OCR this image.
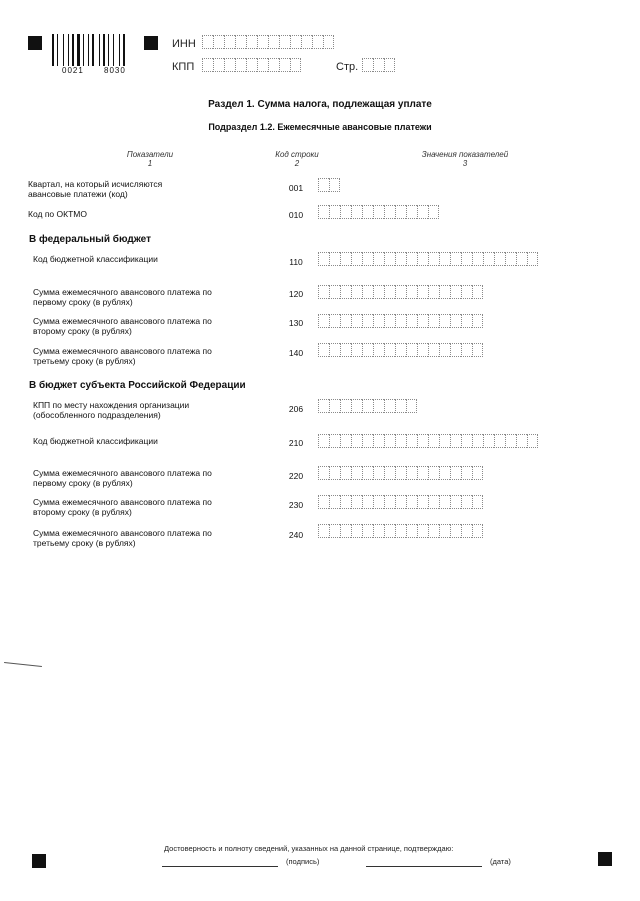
0021	8030
ИНН
КПП	Стр.
Раздел 1. Сумма налога, подлежащая уплате
Подраздел 1.2. Ежемесячные авансовые платежи
Показатели
1
Код строки
2
Значения показателей
3
Квартал, на который исчисляются авансовые платежи (код)
001
Код по ОКТМО	010
В федеральный бюджет
Код бюджетной классификации	110
Сумма ежемесячного авансового платежа по первому сроку (в рублях)
120
Сумма ежемесячного авансового платежа по второму сроку (в рублях)
130
Сумма ежемесячного авансового платежа по третьему сроку (в рублях)
140
В бюджет субъекта Российской Федерации
КПП по месту нахождения организации (обособленного подразделения)
206
Код бюджетной классификации	210
Сумма ежемесячного авансового платежа по первому сроку (в рублях)
220
Сумма ежемесячного авансового платежа по второму сроку (в рублях)
230
Сумма ежемесячного авансового платежа по третьему сроку (в рублях)
240
Достоверность и полноту сведений, указанных на данной странице, подтверждаю:
(подпись)	(дата)
